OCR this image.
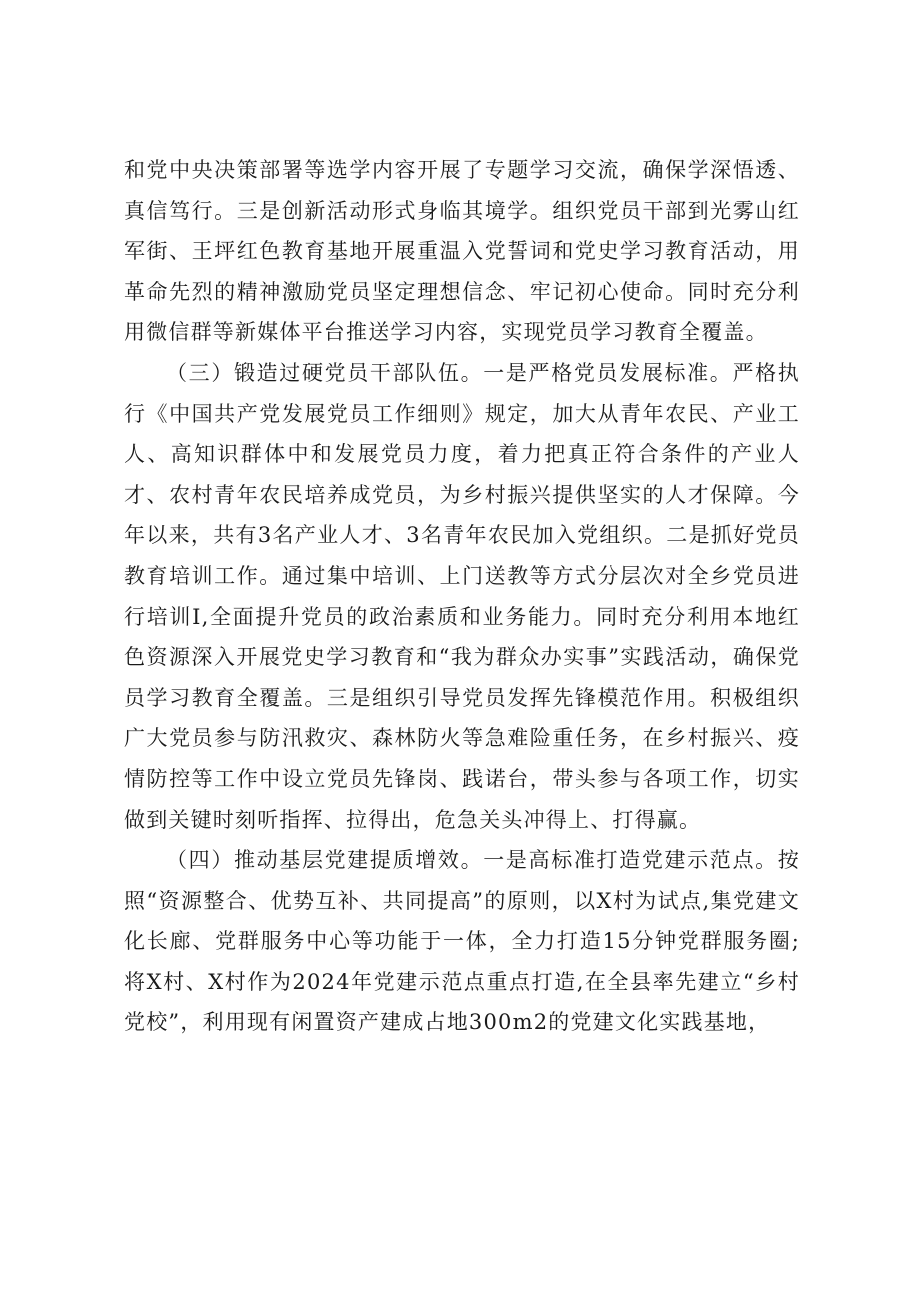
和党中央决策部署等选学内容开展了专题学习交流，确保学深悟透、真信笃行。三是创新活动形式身临其境学。组织党员干部到光雾山红军街、王坪红色教育基地开展重温入党誓词和党史学习教育活动，用革命先烈的精神激励党员坚定理想信念、牢记初心使命。同时充分利用微信群等新媒体平台推送学习内容，实现党员学习教育全覆盖。

（三）锻造过硬党员干部队伍。一是严格党员发展标准。严格执行《中国共产党发展党员工作细则》规定，加大从青年农民、产业工人、高知识群体中和发展党员力度，着力把真正符合条件的产业人才、农村青年农民培养成党员，为乡村振兴提供坚实的人才保障。今年以来，共有3名产业人才、3名青年农民加入党组织。二是抓好党员教育培训工作。通过集中培训、上门送教等方式分层次对全乡党员进行培训I,全面提升党员的政治素质和业务能力。同时充分利用本地红色资源深入开展党史学习教育和“我为群众办实事”实践活动，确保党员学习教育全覆盖。三是组织引导党员发挥先锋模范作用。积极组织广大党员参与防汛救灾、森林防火等急难险重任务，在乡村振兴、疫情防控等工作中设立党员先锋岗、践诺台，带头参与各项工作，切实做到关键时刻听指挥、拉得出，危急关头冲得上、打得赢。

（四）推动基层党建提质增效。一是高标准打造党建示范点。按照“资源整合、优势互补、共同提高”的原则，以X村为试点,集党建文化长廊、党群服务中心等功能于一体，全力打造15分钟党群服务圈;将X村、X村作为2024年党建示范点重点打造,在全县率先建立“乡村党校”，利用现有闲置资产建成占地300m2的党建文化实践基地，
